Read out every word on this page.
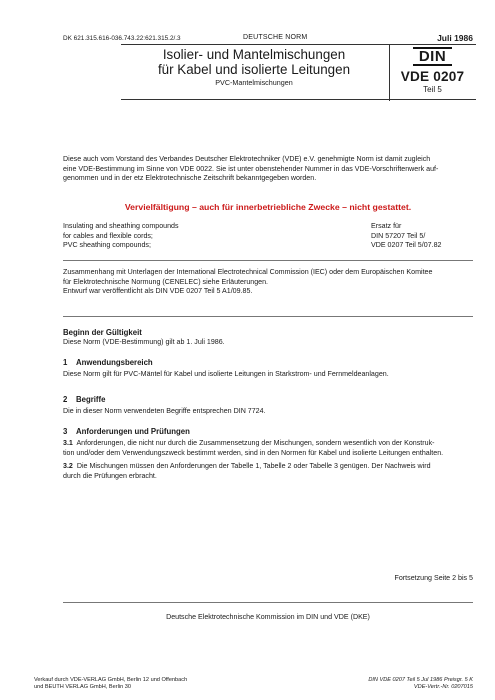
DK 621.315.616-036.743.22:621.315.2/.3	DEUTSCHE NORM	Juli 1986
Isolier- und Mantelmischungen
für Kabel und isolierte Leitungen
PVC-Mantelmischungen
DIN
VDE 0207
Teil 5
Diese auch vom Vorstand des Verbandes Deutscher Elektrotechniker (VDE) e.V. genehmigte Norm ist damit zugleich
eine VDE-Bestimmung im Sinne von VDE 0022. Sie ist unter obenstehender Nummer in das VDE-Vorschriftenwerk auf-
genommen und in der etz Elektrotechnische Zeitschrift bekanntgegeben worden.
Vervielfältigung – auch für innerbetriebliche Zwecke – nicht gestattet.
Insulating and sheathing compounds
for cables and flexible cords;
PVC sheathing compounds;
Ersatz für
DIN 57207 Teil 5/
VDE 0207 Teil 5/07.82
Zusammenhang mit Unterlagen der International Electrotechnical Commission (IEC) oder dem Europäischen Komitee
für Elektrotechnische Normung (CENELEC) siehe Erläuterungen.
Entwurf war veröffentlicht als DIN VDE 0207 Teil 5 A1/09.85.
Beginn der Gültigkeit
Diese Norm (VDE-Bestimmung) gilt ab 1. Juli 1986.
1 Anwendungsbereich
Diese Norm gilt für PVC-Mäntel für Kabel und isolierte Leitungen in Starkstrom- und Fernmeldeanlagen.
2 Begriffe
Die in dieser Norm verwendeten Begriffe entsprechen DIN 7724.
3 Anforderungen und Prüfungen
3.1 Anforderungen, die nicht nur durch die Zusammensetzung der Mischungen, sondern wesentlich von der Konstruk-
tion und/oder dem Verwendungszweck bestimmt werden, sind in den Normen für Kabel und isolierte Leitungen enthalten.
3.2 Die Mischungen müssen den Anforderungen der Tabelle 1, Tabelle 2 oder Tabelle 3 genügen. Der Nachweis wird
durch die Prüfungen erbracht.
Fortsetzung Seite 2 bis 5
Deutsche Elektrotechnische Kommission im DIN und VDE (DKE)
Verkauf durch VDE-VERLAG GmbH, Berlin 12 und Offenbach
und BEUTH VERLAG GmbH, Berlin 30
DIN VDE 0207 Teil 5 Jul 1986 Preisgr. 5 K
VDE-Vertr.-Nr. 0207015
